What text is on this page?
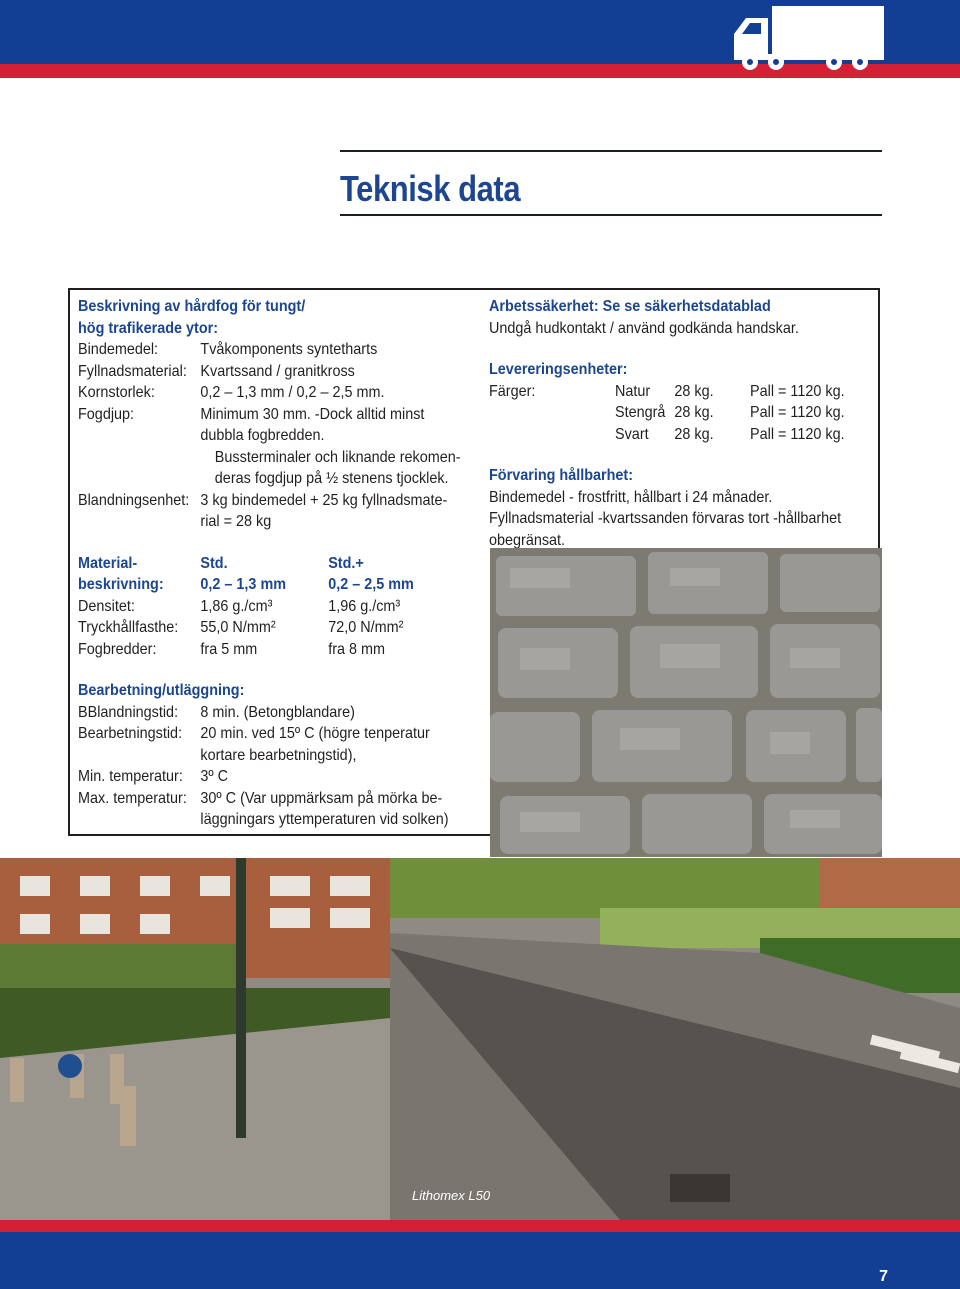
Teknisk data
Beskrivning av hårdfog för tungt/
hög trafikerade ytor:
Bindemedel:	Tvåkomponents syntetharts
Fyllnadsmaterial: Kvartssand / granitkross
Kornstorlek:	0,2 – 1,3 mm / 0,2 – 2,5 mm.
Fogdjup:	Minimum 30 mm. -Dock alltid minst
dubbla fogbredden.
Bussterminaler och liknande rekomen-
deras fogdjup på ½ stenens tjocklek.
Blandningsenhet: 3 kg bindemedel + 25 kg fyllnadsmate-
rial = 28 kg
Material-	Std.	Std.+
beskrivning: 0,2 – 1,3 mm	0,2 – 2,5 mm
Densitet:	1,86 g./cm³	1,96 g./cm³
Tryckhållfasthe: 55,0 N/mm²	72,0 N/mm²
Fogbredder:	fra 5 mm	fra 8 mm
Bearbetning/utläggning:
BBlandningstid: 8 min. (Betongblandare)
Bearbetningstid: 20 min. ved 15º C (högre tenperatur
kortare bearbetningstid),
Min. temperatur: 3º C
Max. temperatur: 30º C (Var uppmärksam på mörka be-
läggningars yttemperaturen vid solken)
Arbetssäkerhet: Se se säkerhetsdatablad
Undgå hudkontakt / använd godkända handskar.
Levereringsenheter:
Färger:	Natur 28 kg. Pall = 1120 kg.
Stengrå 28 kg. Pall = 1120 kg.
Svart 28 kg. Pall = 1120 kg.
Förvaring hållbarhet:
Bindemedel - frostfritt, hållbart i 24 månader.
Fyllnadsmaterial -kvartssanden förvaras tort -hållbarhet
obegränsat.

Lithomex L50

7
